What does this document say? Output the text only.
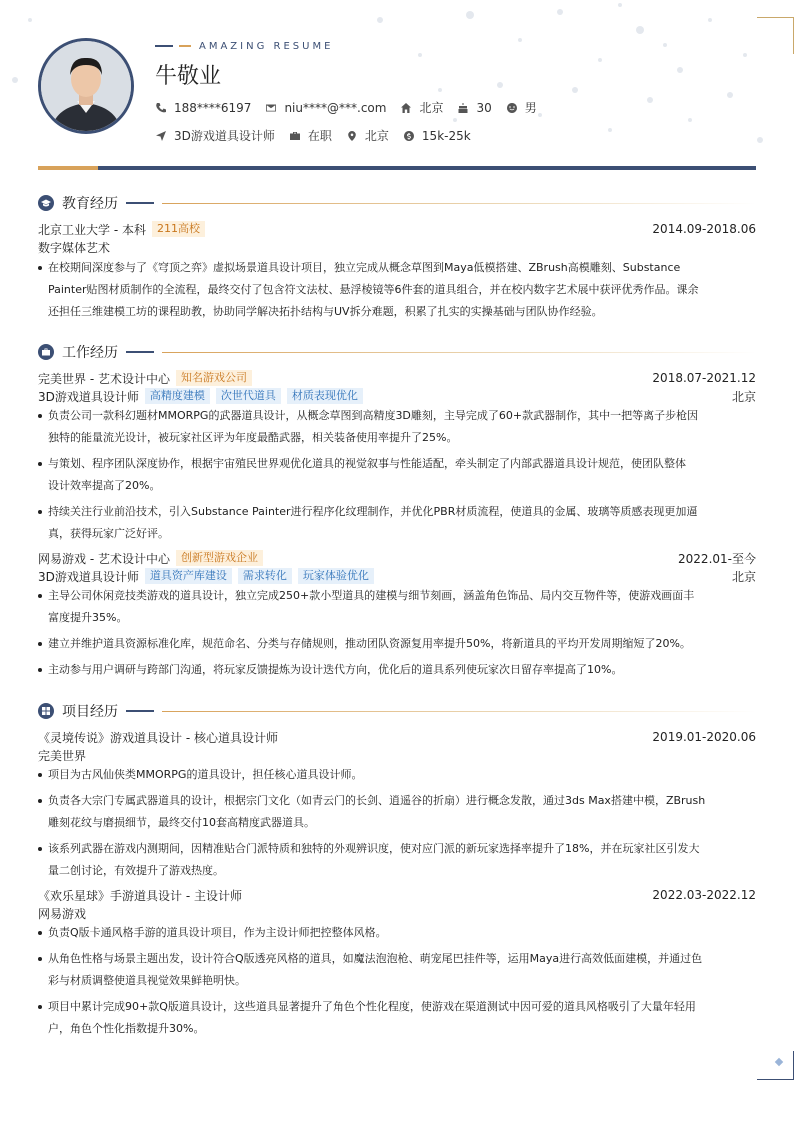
AMAZING RESUME
牛敬业
188****6197	niu****@***.com	北京	30	男
3D游戏道具设计师	在职	北京	15k-25k
教育经历
北京工业大学 - 本科	211高校	2014.09-2018.06
数字媒体艺术
在校期间深度参与了《穹顶之弈》虚拟场景道具设计项目，独立完成从概念草图到Maya低模搭建、ZBrush高模雕刻、Substance
Painter贴图材质制作的全流程，最终交付了包含符文法杖、悬浮棱镜等6件套的道具组合，并在校内数字艺术展中获评优秀作品。课余
还担任三维建模工坊的课程助教，协助同学解决拓扑结构与UV拆分难题，积累了扎实的实操基础与团队协作经验。
工作经历
完美世界 - 艺术设计中心	知名游戏公司	2018.07-2021.12
3D游戏道具设计师	高精度建模	次世代道具	材质表现优化	北京
负责公司一款科幻题材MMORPG的武器道具设计，从概念草图到高精度3D雕刻，主导完成了60+款武器制作，其中一把等离子步枪因
独特的能量流光设计，被玩家社区评为年度最酷武器，相关装备使用率提升了25%。
与策划、程序团队深度协作，根据宇宙殖民世界观优化道具的视觉叙事与性能适配，牵头制定了内部武器道具设计规范，使团队整体
设计效率提高了20%。
持续关注行业前沿技术，引入Substance Painter进行程序化纹理制作，并优化PBR材质流程，使道具的金属、玻璃等质感表现更加逼
真，获得玩家广泛好评。
网易游戏 - 艺术设计中心	创新型游戏企业	2022.01-至今
3D游戏道具设计师	道具资产库建设	需求转化	玩家体验优化	北京
主导公司休闲竞技类游戏的道具设计，独立完成250+款小型道具的建模与细节刻画，涵盖角色饰品、局内交互物件等，使游戏画面丰
富度提升35%。
建立并维护道具资源标准化库，规范命名、分类与存储规则，推动团队资源复用率提升50%，将新道具的平均开发周期缩短了20%。
主动参与用户调研与跨部门沟通，将玩家反馈提炼为设计迭代方向，优化后的道具系列使玩家次日留存率提高了10%。
项目经历
《灵境传说》游戏道具设计 - 核心道具设计师	2019.01-2020.06
完美世界
项目为古风仙侠类MMORPG的道具设计，担任核心道具设计师。
负责各大宗门专属武器道具的设计，根据宗门文化（如青云门的长剑、逍遥谷的折扇）进行概念发散，通过3ds Max搭建中模，ZBrush
雕刻花纹与磨损细节，最终交付10套高精度武器道具。
该系列武器在游戏内测期间，因精准贴合门派特质和独特的外观辨识度，使对应门派的新玩家选择率提升了18%，并在玩家社区引发大
量二创讨论，有效提升了游戏热度。
《欢乐星球》手游道具设计 - 主设计师	2022.03-2022.12
网易游戏
负责Q版卡通风格手游的道具设计项目，作为主设计师把控整体风格。
从角色性格与场景主题出发，设计符合Q版透亮风格的道具，如魔法泡泡枪、萌宠尾巴挂件等，运用Maya进行高效低面建模，并通过色
彩与材质调整使道具视觉效果鲜艳明快。
项目中累计完成90+款Q版道具设计，这些道具显著提升了角色个性化程度，使游戏在渠道测试中因可爱的道具风格吸引了大量年轻用
户，角色个性化指数提升30%。
